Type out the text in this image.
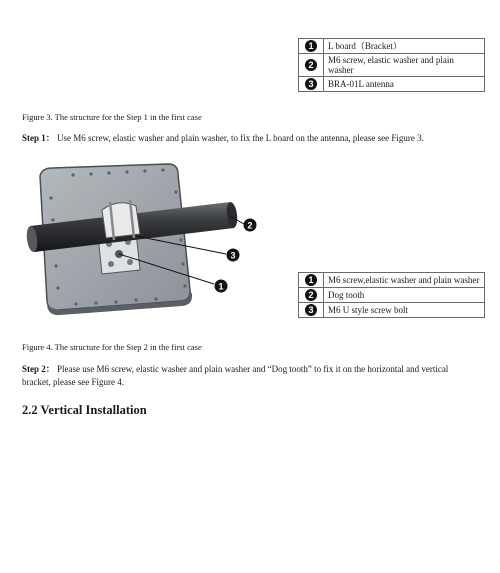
1	L board（Bracket）
2	M6 screw, elastic washer and plain washer
3	BRA-01L antenna
Figure 3. The structure for the Step 1 in the first case
Step 1： Use M6 screw, elastic washer and plain washer, to fix the L board on the antenna, please see Figure 3.
2
3
1
1	M6 screw,elastic washer and plain washer
2	Dog tooth
3	M6 U style screw bolt
Figure 4. The structure for the Step 2 in the first case
Step 2： Please use M6 screw, elastic washer and plain washer and “Dog tooth” to fix it on the horizontal and vertical bracket, please see Figure 4.
2.2 Vertical Installation
